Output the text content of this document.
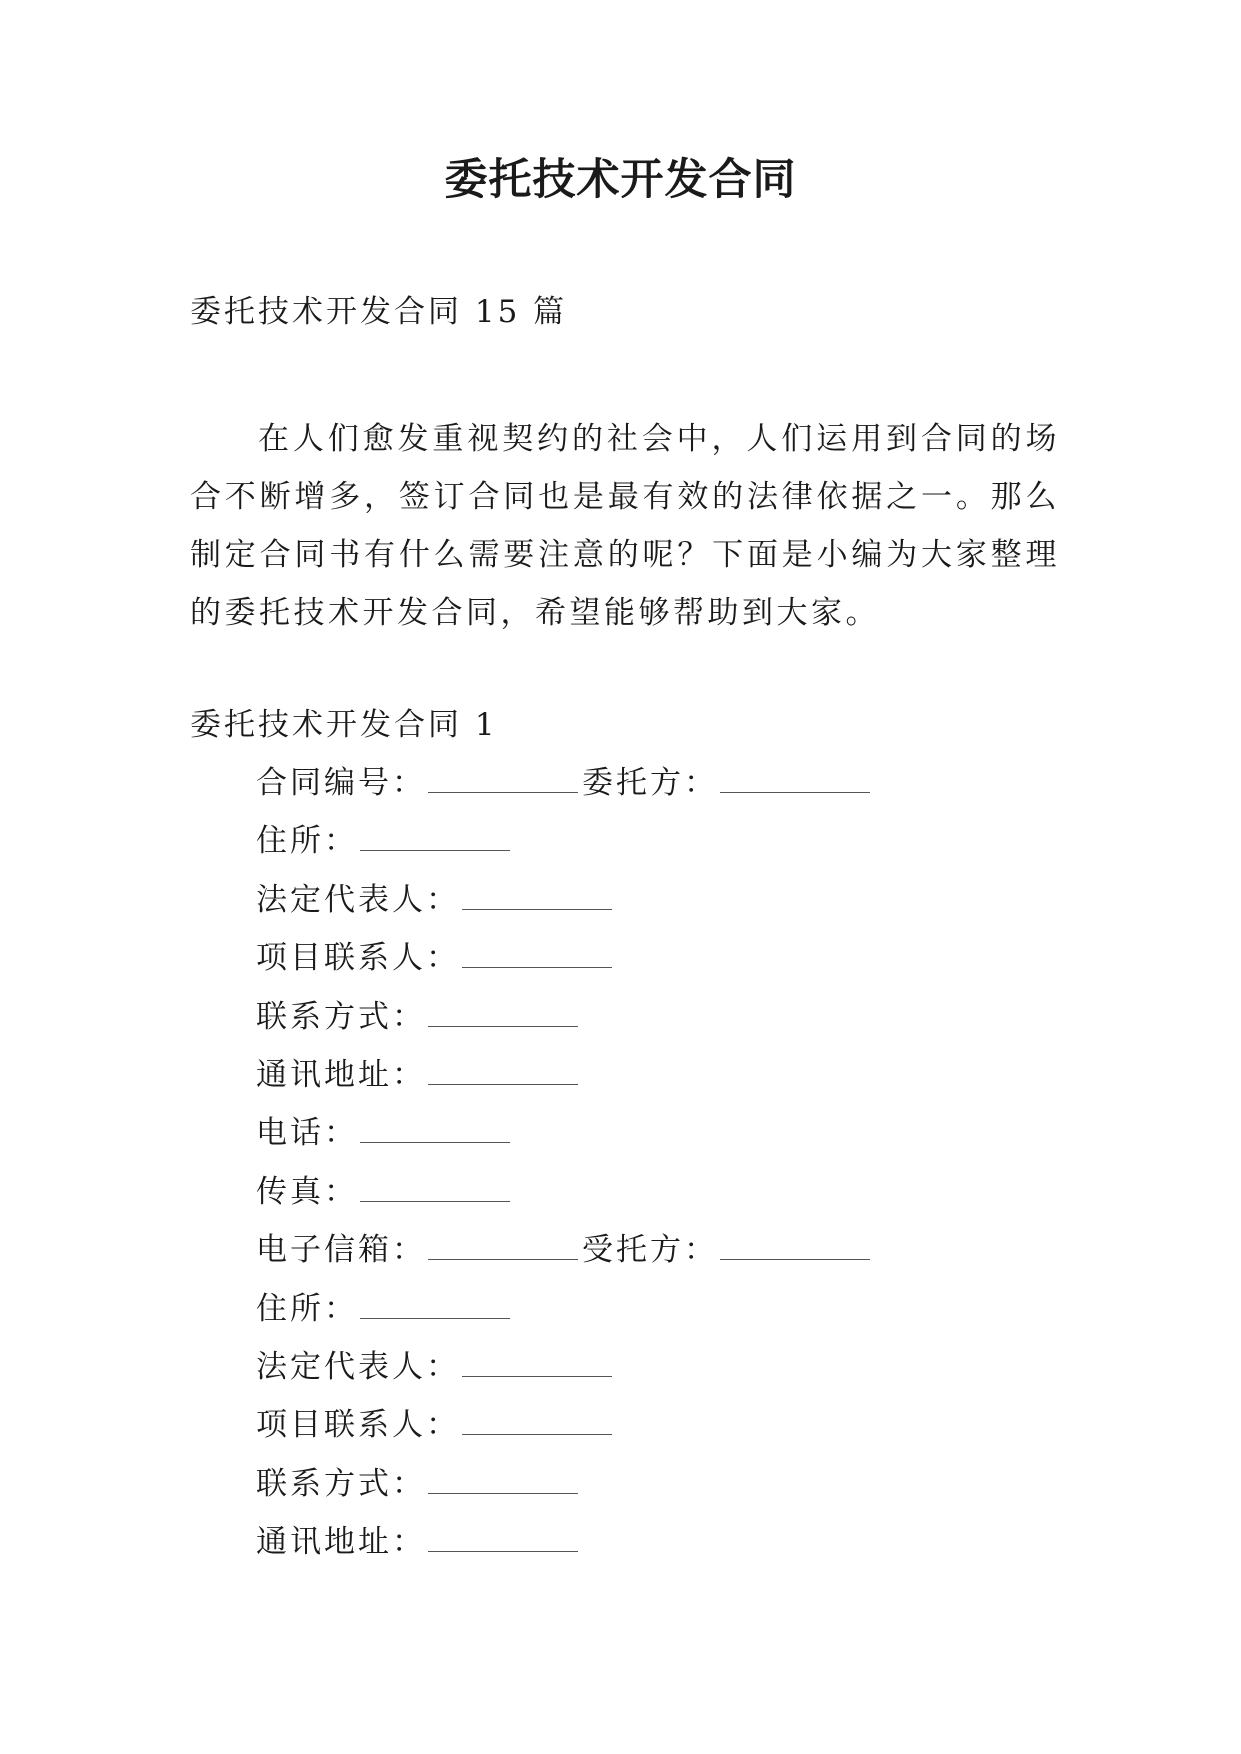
委托技术开发合同
委托技术开发合同 15 篇

在人们愈发重视契约的社会中，人们运用到合同的场合不断增多，签订合同也是最有效的法律依据之一。那么制定合同书有什么需要注意的呢？下面是小编为大家整理的委托技术开发合同，希望能够帮助到大家。

委托技术开发合同 1
合同编号：	委托方：
住所：
法定代表人：
项目联系人：
联系方式：
通讯地址：
电话：
传真：
电子信箱：	受托方：
住所：
法定代表人：
项目联系人：
联系方式：
通讯地址：
